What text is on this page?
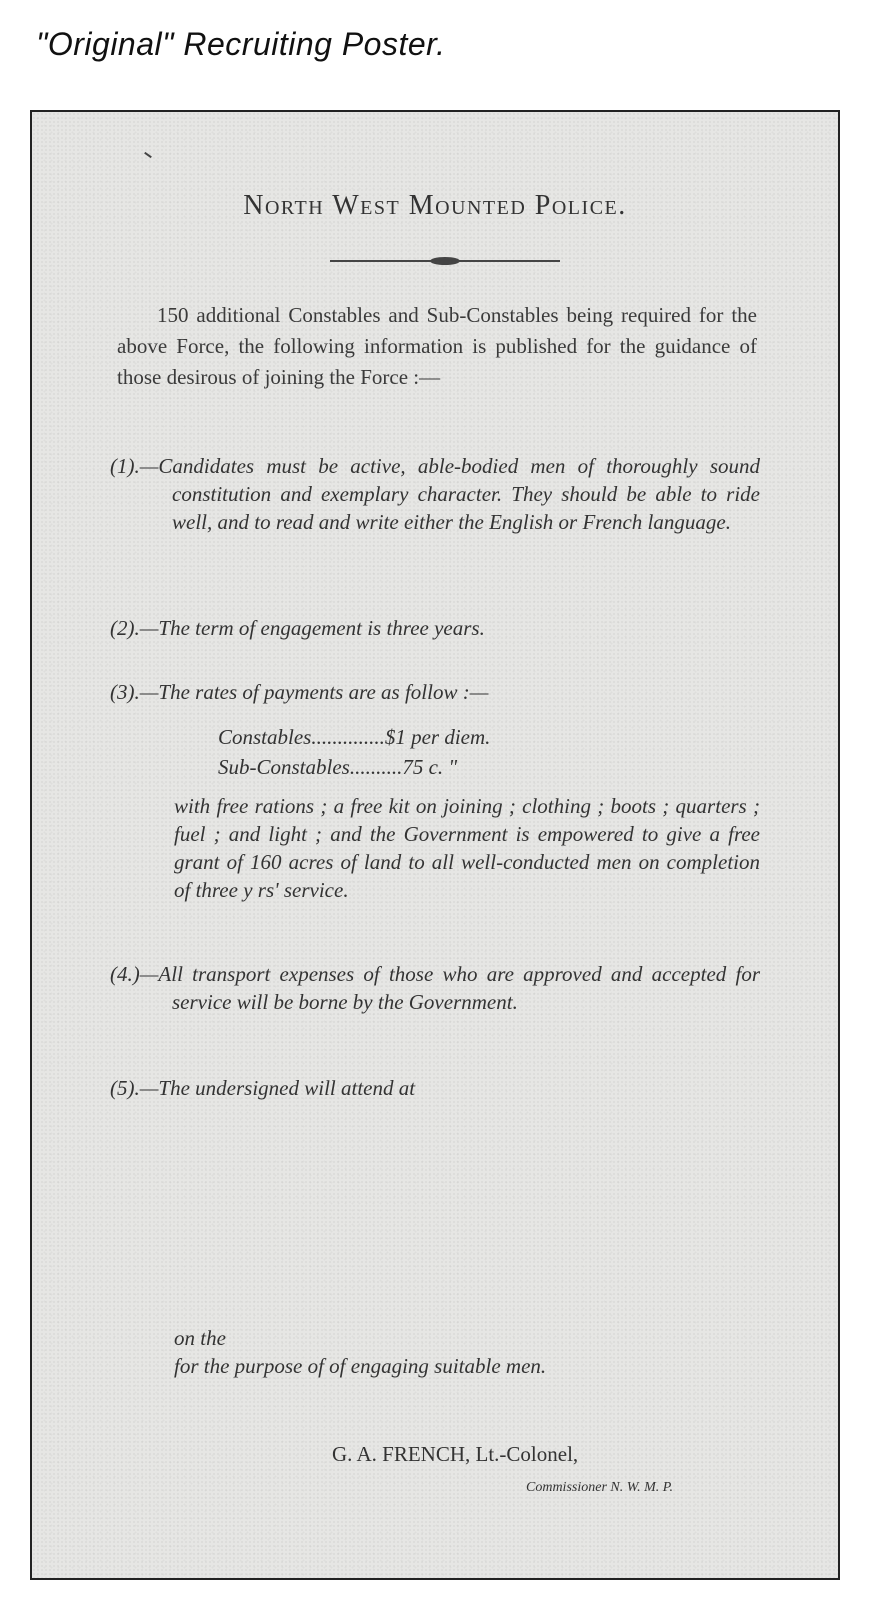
"Original" Recruiting Poster.
North West Mounted Police.
150 additional Constables and Sub-Constables being required for the above Force, the following information is published for the guidance of those desirous of joining the Force :—
(1).—Candidates must be active, able-bodied men of thoroughly sound constitution and exemplary character. They should be able to ride well, and to read and write either the English or French language.
(2).—The term of engagement is three years.
(3).—The rates of payments are as follow :—
Constables..............$1 per diem.
Sub-Constables..........75 c. "
with free rations ; a free kit on joining ; clothing ; boots ; quarters ; fuel ; and light ; and the Government is empowered to give a free grant of 160 acres of land to all well-conducted men on completion of three y rs' service.
(4.)—All transport expenses of those who are approved and accepted for service will be borne by the Government.
(5).—The undersigned will attend at
on the
for the purpose of of engaging suitable men.
G. A. FRENCH, Lt.-Colonel,
Commissioner N. W. M. P.
